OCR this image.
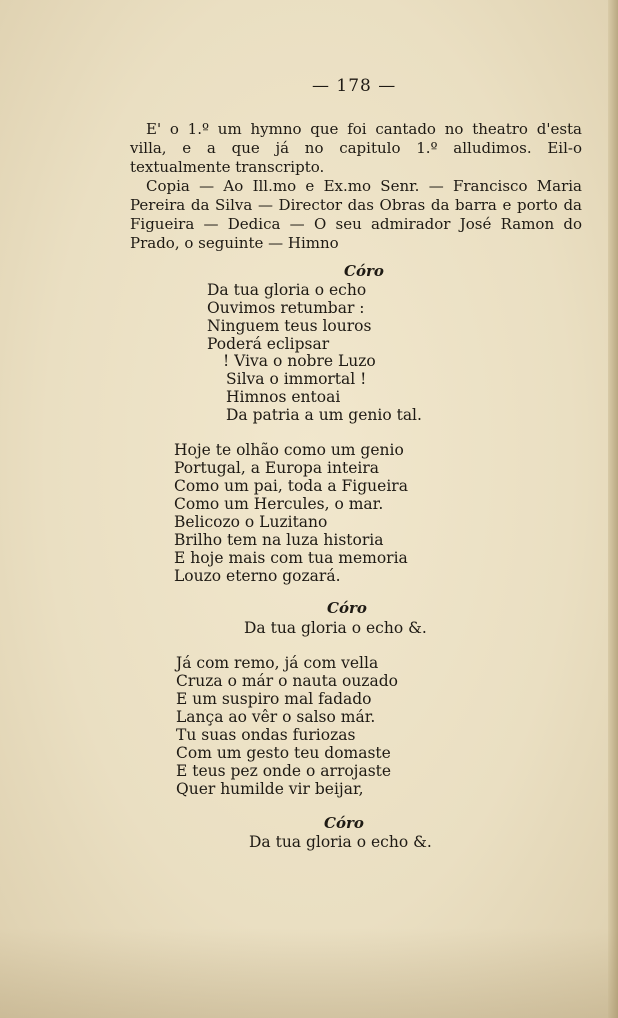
— 178 —
E' o 1.º um hymno que foi cantado no theatro d'esta villa, e a que já no capitulo 1.º alludimos. Eil-o textualmente transcripto.
Copia — Ao Ill.mo e Ex.mo Senr. — Francisco Maria Pereira da Silva — Director das Obras da barra e porto da Figueira — Dedica — O seu admirador José Ramon do Prado, o seguinte — Himno
Córo
Da tua gloria o echo
Ouvimos retumbar :
Ninguem teus louros
Poderá eclipsar
! Viva o nobre Luzo
Silva o immortal !
Himnos entoai
Da patria a um genio tal.
Hoje te olhão como um genio
Portugal, a Europa inteira
Como um pai, toda a Figueira
Como um Hercules, o mar.
Belicozo o Luzitano
Brilho tem na luza historia
E hoje mais com tua memoria
Louzo eterno gozará.
Córo
Da tua gloria o echo &.
Já com remo, já com vella
Cruza o már o nauta ouzado
E um suspiro mal fadado
Lança ao vêr o salso már.
Tu suas ondas furiozas
Com um gesto teu domaste
E teus pez onde o arrojaste
Quer humilde vir beijar,
Córo
Da tua gloria o echo &.
